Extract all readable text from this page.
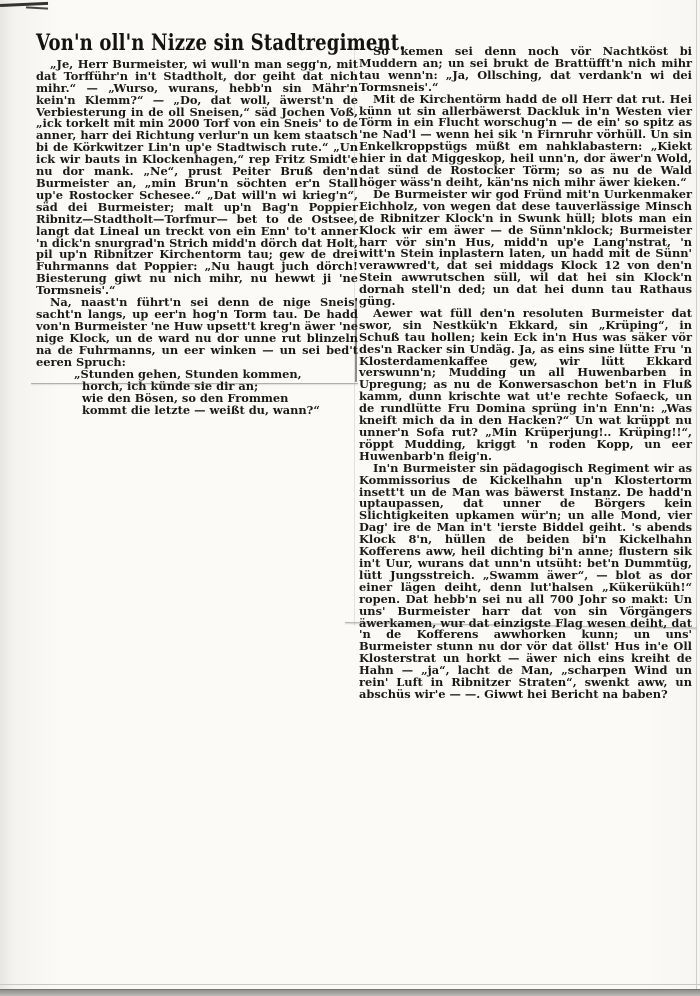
Von'n oll'n Nizze sin Stadtregiment.

„Je, Herr Burmeister, wi wull'n man segg'n, mit dat Torfführ'n in't Stadtholt, dor geiht dat nich mihr.“ — „Wurso, wurans, hebb'n sin Mähr'n kein'n Klemm?“ — „Do, dat woll, äwerst'n de Verbiesterung in de oll Sneisen,“ säd Jochen Voß, „ick torkelt mit min 2000 Torf von ein Sneis' to de anner, harr dei Richtung verlur'n un kem staatsch bi de Körkwitzer Lin'n up'e Stadtwisch rute.“ „Un ick wir bauts in Klockenhagen,“ rep Fritz Smidt'e nu dor mank. „Ne“, prust Peiter Bruß den'n Burmeister an, „min Brun'n söchten er'n Stall up'e Rostocker Schesee.“ „Dat will'n wi krieg'n“, säd dei Burmeister; malt up'n Bag'n Poppier Ribnitz—Stadtholt—Torfmur— bet to de Ostsee, langt dat Lineal un treckt von ein Enn' to't anner 'n dick'n snurgrad'n Strich midd'n dörch dat Holt, pil up'n Ribnitzer Kirchentorm tau; gew de drei Fuhrmanns dat Poppier: „Nu haugt juch dörch! Biesterung giwt nu nich mihr, nu hewwt ji 'ne Tormsneis'.“

Na, naast'n führt'n sei denn de nige Sneis' sacht'n langs, up eer'n hog'n Torm tau. De hadd von'n Burmeister 'ne Huw upsett't kreg'n äwer 'ne nige Klock, un de ward nu dor unne rut blinzeln na de Fuhrmanns, un eer winken — un sei bed't eeren Spruch:

„Stunden gehen, Stunden kommen,
horch, ich künde sie dir an;
wie den Bösen, so den Frommen
kommt die letzte — weißt du, wann?“

So kemen sei denn noch vör Nachtköst bi Muddern an; un sei brukt de Brattüfft'n nich mihr tau wenn'n: „Ja, Ollsching, dat verdank'n wi dei Tormsneis'.“

Mit de Kirchentörm hadd de oll Herr dat rut. Hei künn ut sin allerbäwerst Dackluk in'n Westen vier Törm in ein Flucht worschug'n — de ein' so spitz as 'ne Nad'l — wenn hei sik 'n Firnruhr vörhüll. Un sin Enkelkroppstügs müßt em nahklabastern: „Kiekt hier in dat Miggeskop, heil unn'n, dor äwer'n Wold, dat sünd de Rostocker Törm; so as nu de Wald höger wäss'n deiht, kän'ns nich mihr äwer kieken.“

De Burmeister wir god Fründ mit'n Uurkenmaker Eichholz, von wegen dat dese tauverlässige Minsch de Ribnitzer Klock'n in Swunk hüll; blots man ein Klock wir em äwer — de Sünn'nklock; Burmeister harr vör sin'n Hus, midd'n up'e Lang'nstrat, 'n witt'n Stein inplastern laten, un hadd mit de Sünn' verawwred't, dat sei middags Klock 12 von den'n Stein awwrutschen süll, wil dat hei sin Klock'n dornah stell'n ded; un dat hei dunn tau Rathaus güng.

Aewer wat füll den'n resoluten Burmeister dat swor, sin Nestkük'n Ekkard, sin „Krüping“, in Schuß tau hollen; kein Eck in'n Hus was säker vör des'n Racker sin Undäg. Ja, as eins sine lütte Fru 'n Klosterdamenkaffee gew, wir lütt Ekkard verswunn'n; Mudding un all Huwenbarben in Upregung; as nu de Konwersaschon bet'n in Fluß kamm, dunn krischte wat ut'e rechte Sofaeck, un de rundlütte Fru Domina sprüng in'n Enn'n: „Was kneift mich da in den Hacken?“ Un wat krüppt nu unner'n Sofa rut? „Min Krüperjung!.. Krüping!!“, röppt Mudding, kriggt 'n roden Kopp, un eer Huwenbarb'n fleig'n.

In'n Burmeister sin pädagogisch Regiment wir as Kommissorius de Kickelhahn up'n Klostertorm insett't un de Man was bäwerst Instanz. De hadd'n uptaupassen, dat unner de Börgers kein Slichtigkeiten upkamen wür'n; un alle Mond, vier Dag' ire de Man in't 'ierste Biddel geiht. 's abends Klock 8'n, hüllen de beiden bi'n Kickelhahn Kofferens aww, heil dichting bi'n anne; flustern sik in't Uur, wurans dat unn'n utsüht: bet'n Dummtüg, lütt Jungsstreich. „Swamm äwer“, — blot as dor einer lägen deiht, denn lut'halsen „Kükerüküh!“ ropen. Dat hebb'n sei nu all 700 Johr so makt: Un uns' Burmeister harr dat von sin Vörgängers äwerkamen, wur dat einzigste Flag wesen deiht, dat 'n de Kofferens awwhorken kunn; un uns' Burmeister stunn nu dor vör dat öllst' Hus in'e Oll Klosterstrat un horkt — äwer nich eins kreiht de Hahn — „ja“, lacht de Man, „scharpen Wind un rein' Luft in Ribnitzer Straten“, swenkt aww, un abschüs wir'e — —. Giwwt hei Bericht na baben?
